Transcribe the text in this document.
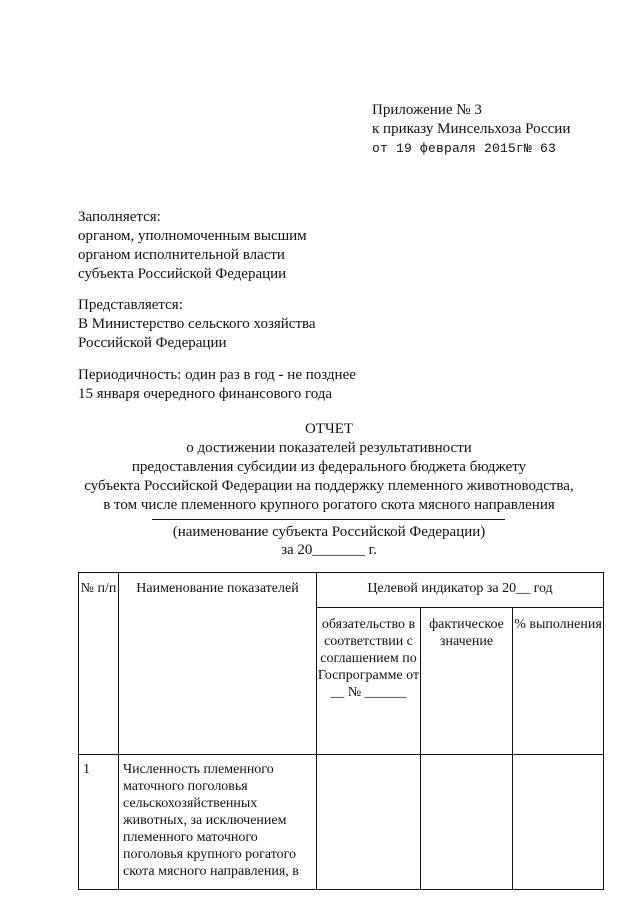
Приложение № 3
к приказу Минсельхоза России
от 19 февраля 2015г№ 63
Заполняется:
органом, уполномоченным высшим
органом исполнительной власти
субъекта Российской Федерации
Представляется:
В Министерство сельского хозяйства
Российской Федерации
Периодичность: один раз в год - не позднее
15 января очередного финансового года
ОТЧЕТ
о достижении показателей результативности
предоставления субсидии из федерального бюджета бюджету
субъекта Российской Федерации на поддержку племенного животноводства,
в том числе племенного крупного рогатого скота мясного направления
(наименование субъекта Российской Федерации)
за 20_______ г.
№ п/п	Наименование показателей	Целевой индикатор за 20__ год		
		обязательство в соответствии с соглашением по Госпрограмме от __ № ______	фактическое значение	% выполнения
1	Численность племенного маточного поголовья сельскохозяйственных животных, за исключением племенного маточного поголовья крупного рогатого скота мясного направления, в			
